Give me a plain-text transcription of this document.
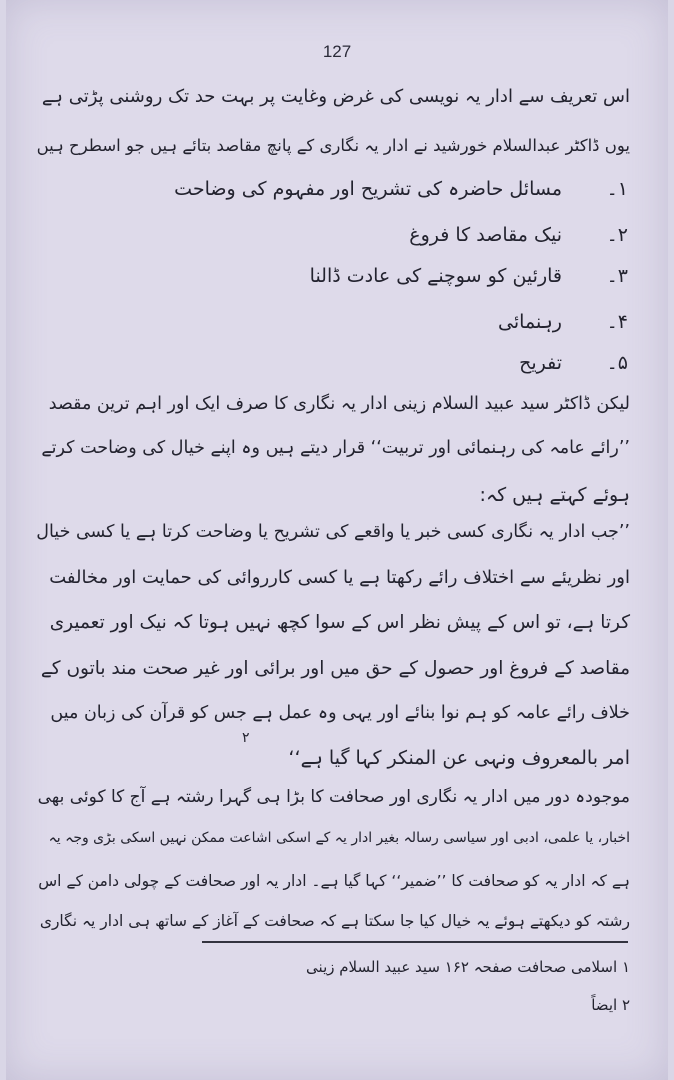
127
اس تعریف سے ادار یہ نویسی کی غرض وغایت پر بہت حد تک روشنی پڑتی ہے
یوں ڈاکٹر عبدالسلام خورشید نے ادار یہ نگاری کے پانچ مقاصد بتائے ہیں جو اسطرح ہیں
۱۔
مسائل حاضرہ کی تشریح اور مفہوم کی وضاحت
۲۔
نیک مقاصد کا فروغ
۳۔
قارئین کو سوچنے کی عادت ڈالنا
۴۔
رہنمائی
۵۔
تفریح
لیکن ڈاکٹر سید عبید السلام زینی ادار یہ نگاری کا صرف ایک اور اہم ترین مقصد
’’رائے عامہ کی رہنمائی اور تربیت‘‘ قرار دیتے ہیں وہ اپنے خیال کی وضاحت کرتے
ہوئے کہتے ہیں کہ:
’’جب ادار یہ نگاری کسی خبر یا واقعے کی تشریح یا وضاحت کرتا ہے یا کسی خیال
اور نظریئے سے اختلاف رائے رکھتا ہے یا کسی کارروائی کی حمایت اور مخالفت
کرتا ہے، تو اس کے پیش نظر اس کے سوا کچھ نہیں ہوتا کہ نیک اور تعمیری
مقاصد کے فروغ اور حصول کے حق میں اور برائی اور غیر صحت مند باتوں کے
خلاف رائے عامہ کو ہم نوا بنائے اور یہی وہ عمل ہے جس کو قرآن کی زبان میں
امر بالمعروف ونہی عن المنکر کہا گیا ہے‘‘
۲
موجودہ دور میں ادار یہ نگاری اور صحافت کا بڑا ہی گہرا رشتہ ہے آج کا کوئی بھی
اخبار، یا علمی، ادبی اور سیاسی رسالہ بغیر ادار یہ کے اسکی اشاعت ممکن نہیں اسکی بڑی وجہ یہ
ہے کہ ادار یہ کو صحافت کا ’’ضمیر‘‘ کہا گیا ہے۔ ادار یہ اور صحافت کے چولی دامن کے اس
رشتہ کو دیکھتے ہوئے یہ خیال کیا جا سکتا ہے کہ صحافت کے آغاز کے ساتھ ہی ادار یہ نگاری
۱ اسلامی صحافت صفحہ ۱۶۲ سید عبید السلام زینی
۲ ایضاً
